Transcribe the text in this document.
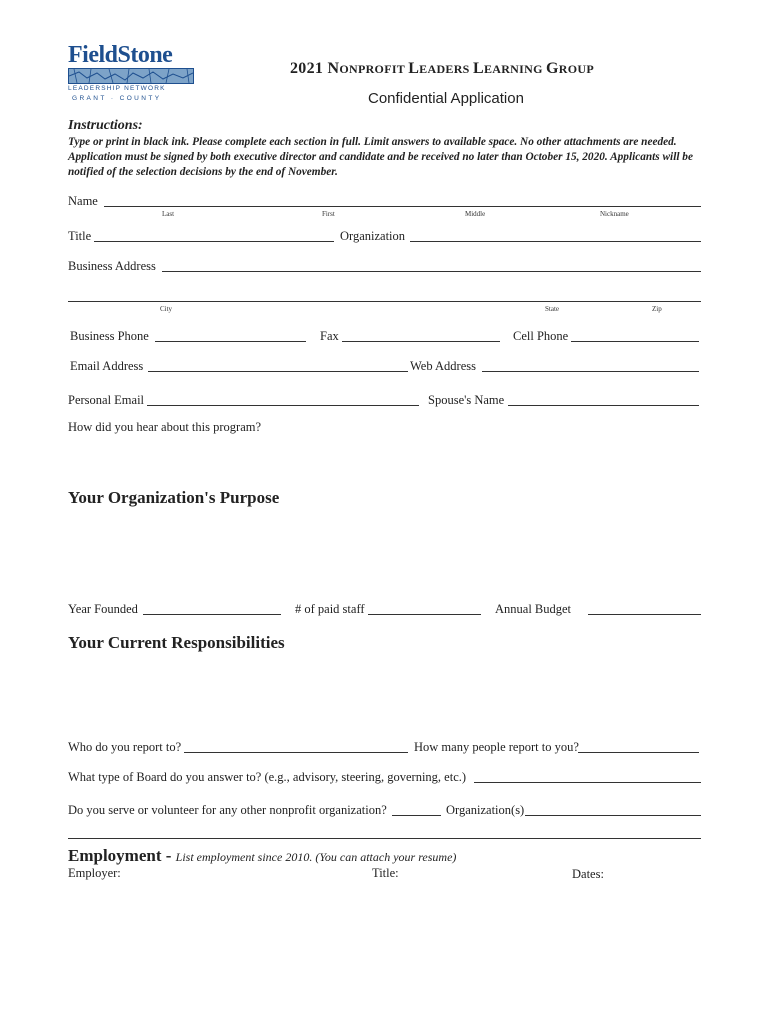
FieldStone
LEADERSHIP NETWORK
GRANT · COUNTY
2021 NONPROFIT LEADERS LEARNING GROUP
Confidential Application
Instructions:
Type or print in black ink. Please complete each section in full. Limit answers to available space. No other attachments are needed. Application must be signed by both executive director and candidate and be received no later than October 15, 2020. Applicants will be notified of the selection decisions by the end of November.
Name
Last	First	Middle	Nickname
Title	Organization
Business Address
City	State	Zip
Business Phone	Fax	Cell Phone
Email Address	Web Address
Personal Email	Spouse's Name
How did you hear about this program?
Your Organization's Purpose
Year Founded	# of paid staff	Annual Budget
Your Current Responsibilities
Who do you report to?	How many people report to you?
What type of Board do you answer to? (e.g., advisory, steering, governing, etc.)
Do you serve or volunteer for any other nonprofit organization?	Organization(s)
Employment - List employment since 2010. (You can attach your resume)
Employer:	Title:	Dates:
